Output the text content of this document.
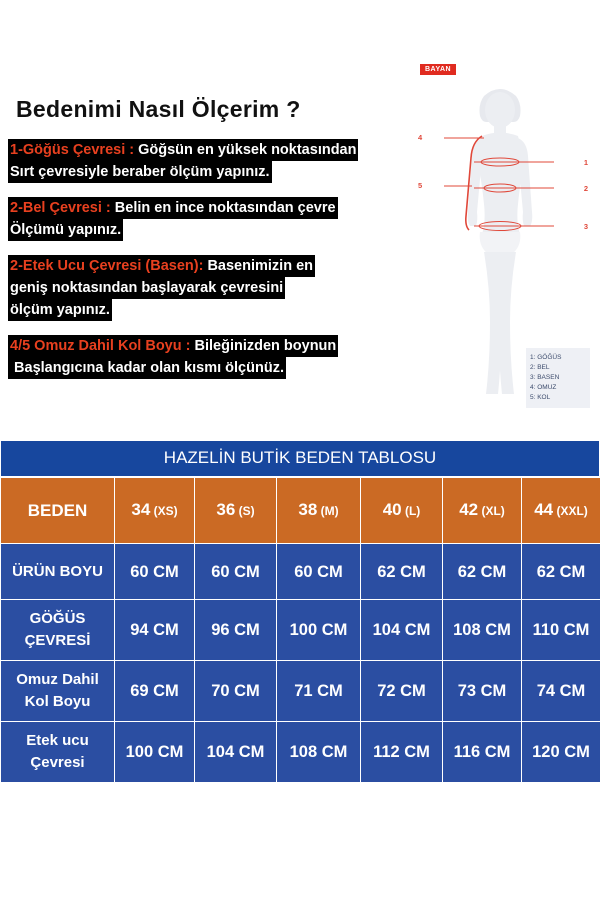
Bedenimi Nasıl Ölçerim ?
1-Göğüs Çevresi : Göğsün en yüksek noktasından
Sırt çevresiyle beraber ölçüm yapınız.
2-Bel Çevresi : Belin en ince noktasından çevre
Ölçümü yapınız.
2-Etek Ucu Çevresi (Basen): Basenimizin en
geniş noktasından başlayarak çevresini
ölçüm yapınız.
4/5 Omuz Dahil Kol Boyu : Bileğinizden boynun
Başlangıcına kadar olan kısmı ölçünüz.
BAYAN
1
2
3
4
5
1: GÖĞÜS
2: BEL
3: BASEN
4: OMUZ
5: KOL
HAZELİN BUTİK BEDEN TABLOSU
BEDEN	34 (XS)	36 (S)	38 (M)	40 (L)	42 (XL)	44 (XXL)
ÜRÜN BOYU	60 CM	60 CM	60 CM	62 CM	62 CM	62 CM
GÖĞÜS ÇEVRESİ	94 CM	96 CM	100 CM	104 CM	108 CM	110 CM
Omuz Dahil Kol Boyu	69 CM	70 CM	71 CM	72 CM	73 CM	74 CM
Etek ucu Çevresi	100 CM	104 CM	108 CM	112 CM	116 CM	120 CM
